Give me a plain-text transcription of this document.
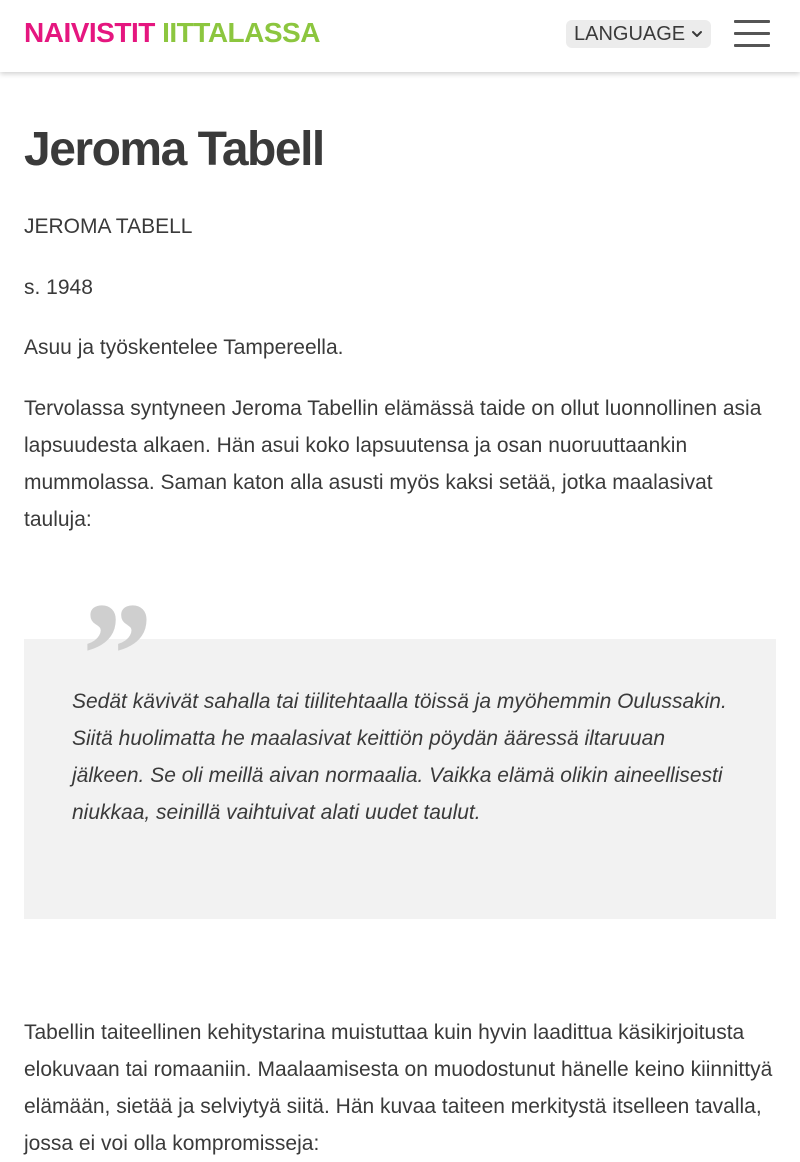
NAIVISTIT IITTALASSA	LANGUAGE
Jeroma Tabell

JEROMA TABELL

s. 1948

Asuu ja työskentelee Tampereella.

Tervolassa syntyneen Jeroma Tabellin elämässä taide on ollut luonnollinen asia lapsuudesta alkaen. Hän asui koko lapsuutensa ja osan nuoruuttaankin mummolassa. Saman katon alla asusti myös kaksi setää, jotka maalasivat tauluja:

Sedät kävivät sahalla tai tiilitehtaalla töissä ja myöhemmin Oulussakin. Siitä huolimatta he maalasivat keittiön pöydän ääressä iltaruuan jälkeen. Se oli meillä aivan normaalia. Vaikka elämä olikin aineellisesti niukkaa, seinillä vaihtuivat alati uudet taulut.

”

Tabellin taiteellinen kehitystarina muistuttaa kuin hyvin laadittua käsikirjoitusta elokuvaan tai romaaniin. Maalaamisesta on muodostunut hänelle keino kiinnittyä elämään, sietää ja selviytyä siitä. Hän kuvaa taiteen merkitystä itselleen tavalla, jossa ei voi olla kompromisseja:
